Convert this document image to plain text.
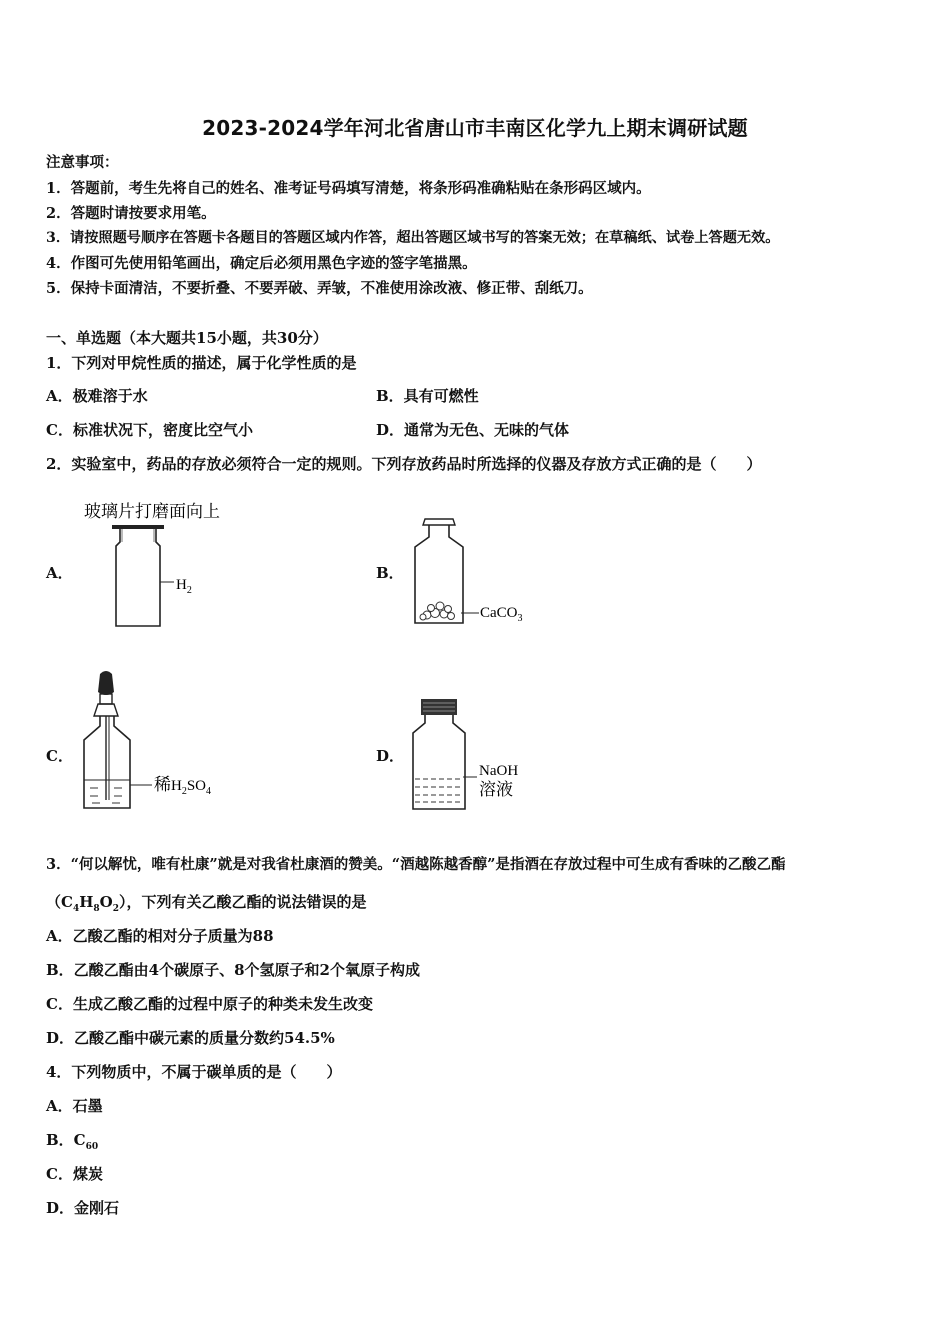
2023-2024学年河北省唐山市丰南区化学九上期末调研试题
注意事项：
1．答题前，考生先将自己的姓名、准考证号码填写清楚，将条形码准确粘贴在条形码区域内。
2．答题时请按要求用笔。
3．请按照题号顺序在答题卡各题目的答题区域内作答，超出答题区域书写的答案无效；在草稿纸、试卷上答题无效。
4．作图可先使用铅笔画出，确定后必须用黑色字迹的签字笔描黑。
5．保持卡面清洁，不要折叠、不要弄破、弄皱，不准使用涂改液、修正带、刮纸刀。
一、单选题（本大题共15小题，共30分）
1．下列对甲烷性质的描述，属于化学性质的是
A．极难溶于水	B．具有可燃性
C．标准状况下，密度比空气小	D．通常为无色、无味的气体
2．实验室中，药品的存放必须符合一定的规则。下列存放药品时所选择的仪器及存放方式正确的是（　　）
A．	B．
C．	D．
玻璃片打磨面向上
$H_2$
CaCO$_3$
稀$H_2SO_4$
NaOH
溶液
3．“何以解忧，唯有杜康”就是对我省杜康酒的赞美。“酒越陈越香醇”是指酒在存放过程中可生成有香味的乙酸乙酯
$(C_4H_8O_2)$，下列有关乙酸乙酯的说法错误的是
A．乙酸乙酯的相对分子质量为88
B．乙酸乙酯由4个碳原子、8个氢原子和2个氧原子构成
C．生成乙酸乙酯的过程中原子的种类未发生改变
D．乙酸乙酯中碳元素的质量分数约54.5%
4．下列物质中，不属于碳单质的是（　　）
A．石墨
B．$C_{60}$
C．煤炭
D．金刚石
